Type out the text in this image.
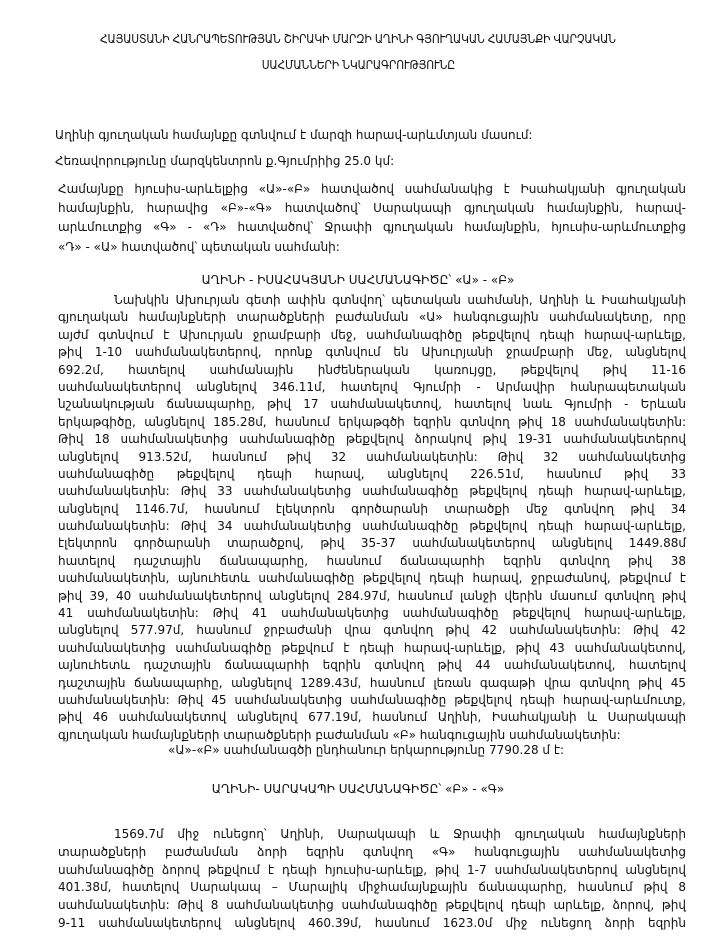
ՀԱՅԱՍՏԱՆԻ ՀԱՆՐԱՊԵՏՈՒԹՅԱՆ ՇԻՐԱԿԻ ՄԱՐԶԻ ԱՂԻՆԻ ԳՅՈՒՂԱԿԱՆ ՀԱՄԱՅՆՔԻ ՎԱՐՉԱԿԱՆ
ՍԱՀՄԱՆՆԵՐԻ ՆԿԱՐԱԳՐՈՒԹՅՈՒՆԸ
Աղինի գյուղական համայնքը գտնվում է մարզի հարավ-արևմտյան մասում:
Հեռավորությունը մարզկենտրոն ք.Գյումրիից 25.0 կմ:
Համայնքը հյուսիս-արևելքից «Ա»-«Բ» հատվածով սահմանակից է Իսահակյանի գյուղական
համայնքին, հարավից «Բ»-«Գ» հատվածով՝ Սարակապի գյուղական համայնքին, հարավ-
արևմուտքից «Գ» - «Դ» հատվածով՝ Ջրափի գյուղական համայնքին, հյուսիս-արևմուտքից
«Դ» - «Ա» հատվածով՝ պետական սահմանի:
ԱՂԻՆԻ - ԻՍԱՀԱԿՅԱՆԻ ՍԱՀՄԱՆԱԳԻԾԸ՝ «Ա» - «Բ»
Նախկին Ախուրյան գետի ափին գտնվող՝ պետական սահմանի, Աղինի և Իսահակյանի
գյուղական համայնքների տարածքների բաժանման «Ա» հանգուցային սահմանակետը, որը
այժմ գտնվում է Ախուրյան ջրամբարի մեջ, սահմանագիծը թեքվելով դեպի հարավ-արևելք,
թիվ 1-10 սահմանակետերով, որոնք գտնվում են Ախուրյանի ջրամբարի մեջ, անցնելով
692.2մ, հատելով սահմանային ինժեներական կառույցը, թեքվելով թիվ 11-16
սահմանակետերով անցնելով 346.11մ, հատելով Գյումրի - Արմավիր հանրապետական
նշանակության ճանապարհը, թիվ 17 սահմանակետով, հատելով նաև Գյումրի - Երևան
երկաթգիծը, անցնելով 185.28մ, հասնում երկաթգծի եզրին գտնվող թիվ 18 սահմանակետին:
Թիվ 18 սահմանակետից սահմանագիծը թեքվելով ձորակով թիվ 19-31 սահմանակետերով
անցնելով 913.52մ, հասնում թիվ 32 սահմանակետին: Թիվ 32 սահմանակետից
սահմանագիծը թեքվելով դեպի հարավ, անցնելով 226.51մ, հասնում թիվ 33
սահմանակետին: Թիվ 33 սահմանակետից սահմանագիծը թեքվելով դեպի հարավ-արևելք,
անցնելով 1146.7մ, հասնում էլեկտրոն գործարանի տարածքի մեջ գտնվող թիվ 34
սահմանակետին: Թիվ 34 սահմանակետից սահմանագիծը թեքվելով դեպի հարավ-արևելք,
էլեկտրոն գործարանի տարածքով, թիվ 35-37 սահմանակետերով անցնելով 1449.88մ
հատելով դաշտային ճանապարհը, հասնում ճանապարհի եզրին գտնվող թիվ 38
սահմանակետին, այնուհետև սահմանագիծը թեքվելով դեպի հարավ, ջրբաժանով, թեքվում է
թիվ 39, 40 սահմանակետերով անցնելով 284.97մ, հասնում լանջի վերին մասում գտնվող թիվ
41 սահմանակետին: Թիվ 41 սահմանակետից սահմանագիծը թեքվելով հարավ-արևելք,
անցնելով 577.97մ, հասնում ջրբաժանի վրա գտնվող թիվ 42 սահմանակետին: Թիվ 42
սահմանակետից սահմանագիծը թեքվում է դեպի հարավ-արևելք, թիվ 43 սահմանակետով,
այնուհետև դաշտային ճանապարհի եզրին գտնվող թիվ 44 սահմանակետով, հատելով
դաշտային ճանապարհը, անցնելով 1289.43մ, հասնում լեռան գագաթի վրա գտնվող թիվ 45
սահմանակետին: Թիվ 45 սահմանակետից սահմանագիծը թեքվելով դեպի հարավ-արևմուտք,
թիվ 46 սահմանակետով անցնելով 677.19մ, հասնում Աղինի, Իսահակյանի և Սարակապի
գյուղական համայնքների տարածքների բաժանման «Բ» հանգուցային սահմանակետին:
«Ա»-«Բ» սահմանագծի ընդհանուր երկարությունը 7790.28 մ է:
ԱՂԻՆԻ- ՍԱՐԱԿԱՊԻ ՍԱՀՄԱՆԱԳԻԾԸ՝ «Բ» - «Գ»
1569.7մ միջ ունեցող՝ Աղինի, Սարակապի և Ջրափի գյուղական համայնքների
տարածքների բաժանման ձորի եզրին գտնվող «Գ» հանգուցային սահմանակետից
սահմանագիծը ձորով թեքվում է դեպի հյուսիս-արևելք, թիվ 1-7 սահմանակետերով անցնելով
401.38մ, հատելով Սարակապ – Մարալիկ միջհամայնքային ճանապարհը, հասնում թիվ 8
սահմանակետին: Թիվ 8 սահմանակետից սահմանագիծը թեքվելով դեպի արևելք, ձորով, թիվ
9-11 սահմանակետերով անցնելով 460.39մ, հասնում 1623.0մ միջ ունեցող ձորի եզրին
